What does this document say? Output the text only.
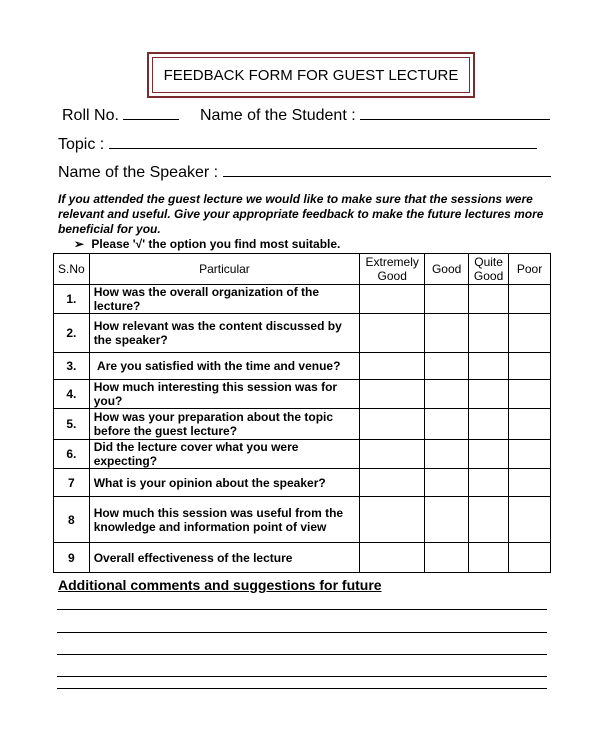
FEEDBACK FORM FOR GUEST LECTURE
Roll No.	Name of the Student :
Topic :
Name of the Speaker :
If you attended the guest lecture we would like to make sure that the sessions were relevant and useful. Give your appropriate feedback to make the future lectures more beneficial for you.
➢ Please '√' the option you find most suitable.
S.No	Particular	Extremely Good	Good	Quite Good	Poor
1.	How was the overall organization of the lecture?				
2.	How relevant was the content discussed by the speaker?				
3.	Are you satisfied with the time and venue?				
4.	How much interesting this session was for you?				
5.	How was your preparation about the topic before the guest lecture?				
6.	Did the lecture cover what you were expecting?				
7	What is your opinion about the speaker?				
8	How much this session was useful from the knowledge and information point of view				
9	Overall effectiveness of the lecture				
Additional comments and suggestions for future
